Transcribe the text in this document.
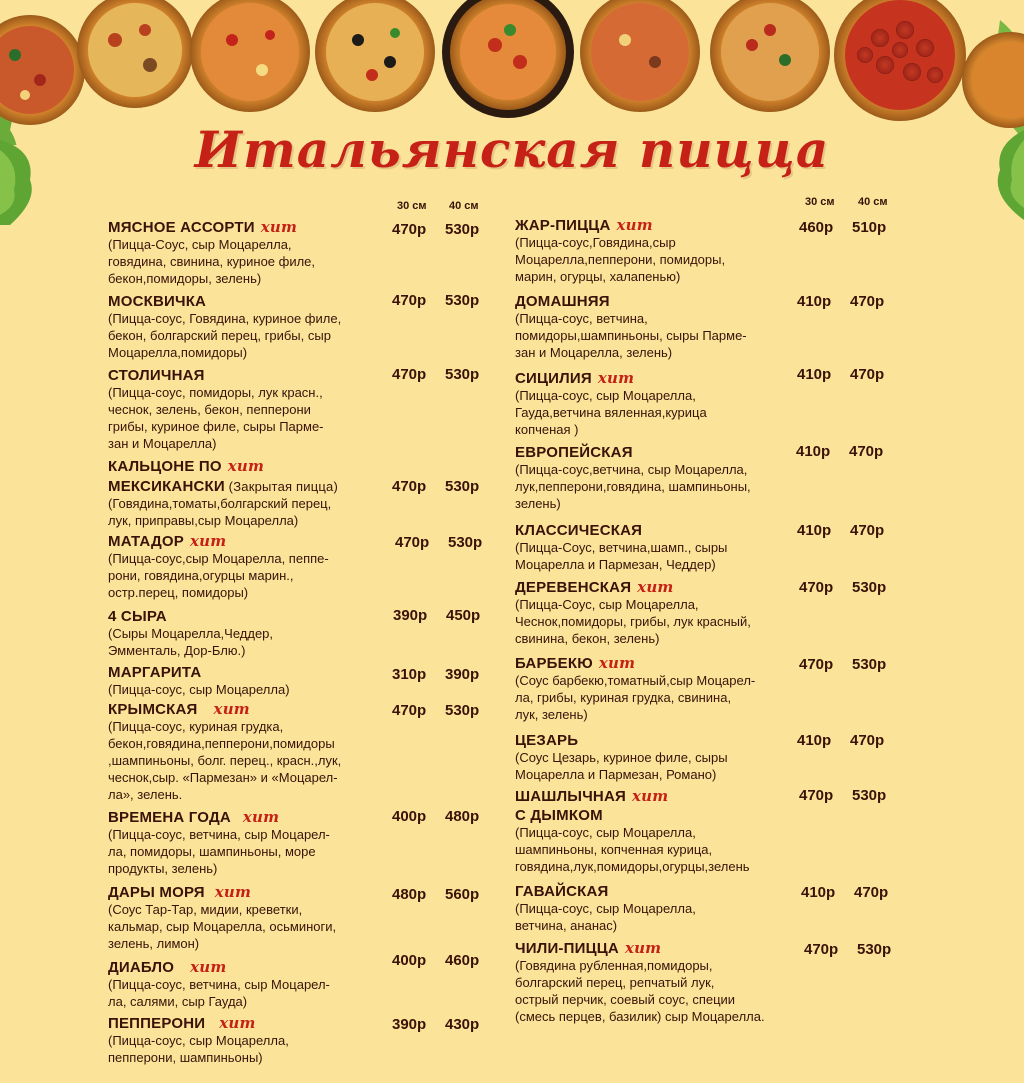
Итальянская пицца
30 см 40 см	30 см 40 см
МЯСНОЕ АССОРТИ хит
(Пицца-Соус, сыр Моцарелла,
говядина, свинина, куриное филе,
бекон,помидоры, зелень)
470р 530р
МОСКВИЧКА
(Пицца-соус, Говядина, куриное филе,
бекон, болгарский перец, грибы, сыр
Моцарелла,помидоры)
470р 530р
СТОЛИЧНАЯ
(Пицца-соус, помидоры, лук красн.,
чеснок, зелень, бекон, пепперони
грибы, куриное филе, сыры Парме-
зан и Моцарелла)
470р 530р
КАЛЬЦОНЕ ПО хит
МЕКСИКАНСКИ (Закрытая пицца)
(Говядина,томаты,болгарский перец,
лук, приправы,сыр Моцарелла)
470р 530р
МАТАДОР хит
(Пицца-соус,сыр Моцарелла, пеппе-
рони, говядина,огурцы марин.,
остр.перец, помидоры)
470р 530р
4 СЫРА
(Сыры Моцарелла,Чеддер,
Эмменталь, Дор-Блю.)
390р 450р
МАРГАРИТА
(Пицца-соус, сыр Моцарелла)
310р 390р
КРЫМСКАЯ хит
(Пицца-соус, куриная грудка,
бекон,говядина,пепперони,помидоры
,шампиньоны, болг. перец., красн.,лук,
чеснок,сыр. «Пармезан» и «Моцарел-
ла», зелень.
470р 530р
ВРЕМЕНА ГОДА хит
(Пицца-соус, ветчина, сыр Моцарел-
ла, помидоры, шампиньоны, море
продукты, зелень)
400р 480р
ДАРЫ МОРЯ хит
(Соус Тар-Тар, мидии, креветки,
кальмар, сыр Моцарелла, осьминоги,
зелень, лимон)
480р 560р
ДИАБЛО хит
(Пицца-соус, ветчина, сыр Моцарел-
ла, салями, сыр Гауда)
400р 460р
ПЕППЕРОНИ хит
(Пицца-соус, сыр Моцарелла,
пепперони, шампиньоны)
390р 430р
ЖАР-ПИЦЦА хит
(Пицца-соус,Говядина,сыр
Моцарелла,пепперони, помидоры,
марин, огурцы, халапенью)
460р 510р
ДОМАШНЯЯ
(Пицца-соус, ветчина,
помидоры,шампиньоны, сыры Парме-
зан и Моцарелла, зелень)
410р 470р
СИЦИЛИЯ хит
(Пицца-соус, сыр Моцарелла,
Гауда,ветчина вяленная,курица
копченая )
410р 470р
ЕВРОПЕЙСКАЯ
(Пицца-соус,ветчина, сыр Моцарелла,
лук,пепперони,говядина, шампиньоны,
зелень)
410р 470р
КЛАССИЧЕСКАЯ
(Пицца-Соус, ветчина,шамп., сыры
Моцарелла и Пармезан, Чеддер)
410р 470р
ДЕРЕВЕНСКАЯ хит
(Пицца-Соус, сыр Моцарелла,
Чеснок,помидоры, грибы, лук красный,
свинина, бекон, зелень)
470р 530р
БАРБЕКЮ хит
(Соус барбекю,томатный,сыр Моцарел-
ла, грибы, куриная грудка, свинина,
лук, зелень)
470р 530р
ЦЕЗАРЬ
(Соус Цезарь, куриное филе, сыры
Моцарелла и Пармезан, Романо)
410р 470р
ШАШЛЫЧНАЯ хит
С ДЫМКОМ
(Пицца-соус, сыр Моцарелла,
шампиньоны, копченная курица,
говядина,лук,помидоры,огурцы,зелень
470р 530р
ГАВАЙСКАЯ
(Пицца-соус, сыр Моцарелла,
ветчина, ананас)
410р 470р
ЧИЛИ-ПИЦЦА хит
(Говядина рубленная,помидоры,
болгарский перец, репчатый лук,
острый перчик, соевый соус, специи
(смесь перцев, базилик) сыр Моцарелла.
470р 530р
